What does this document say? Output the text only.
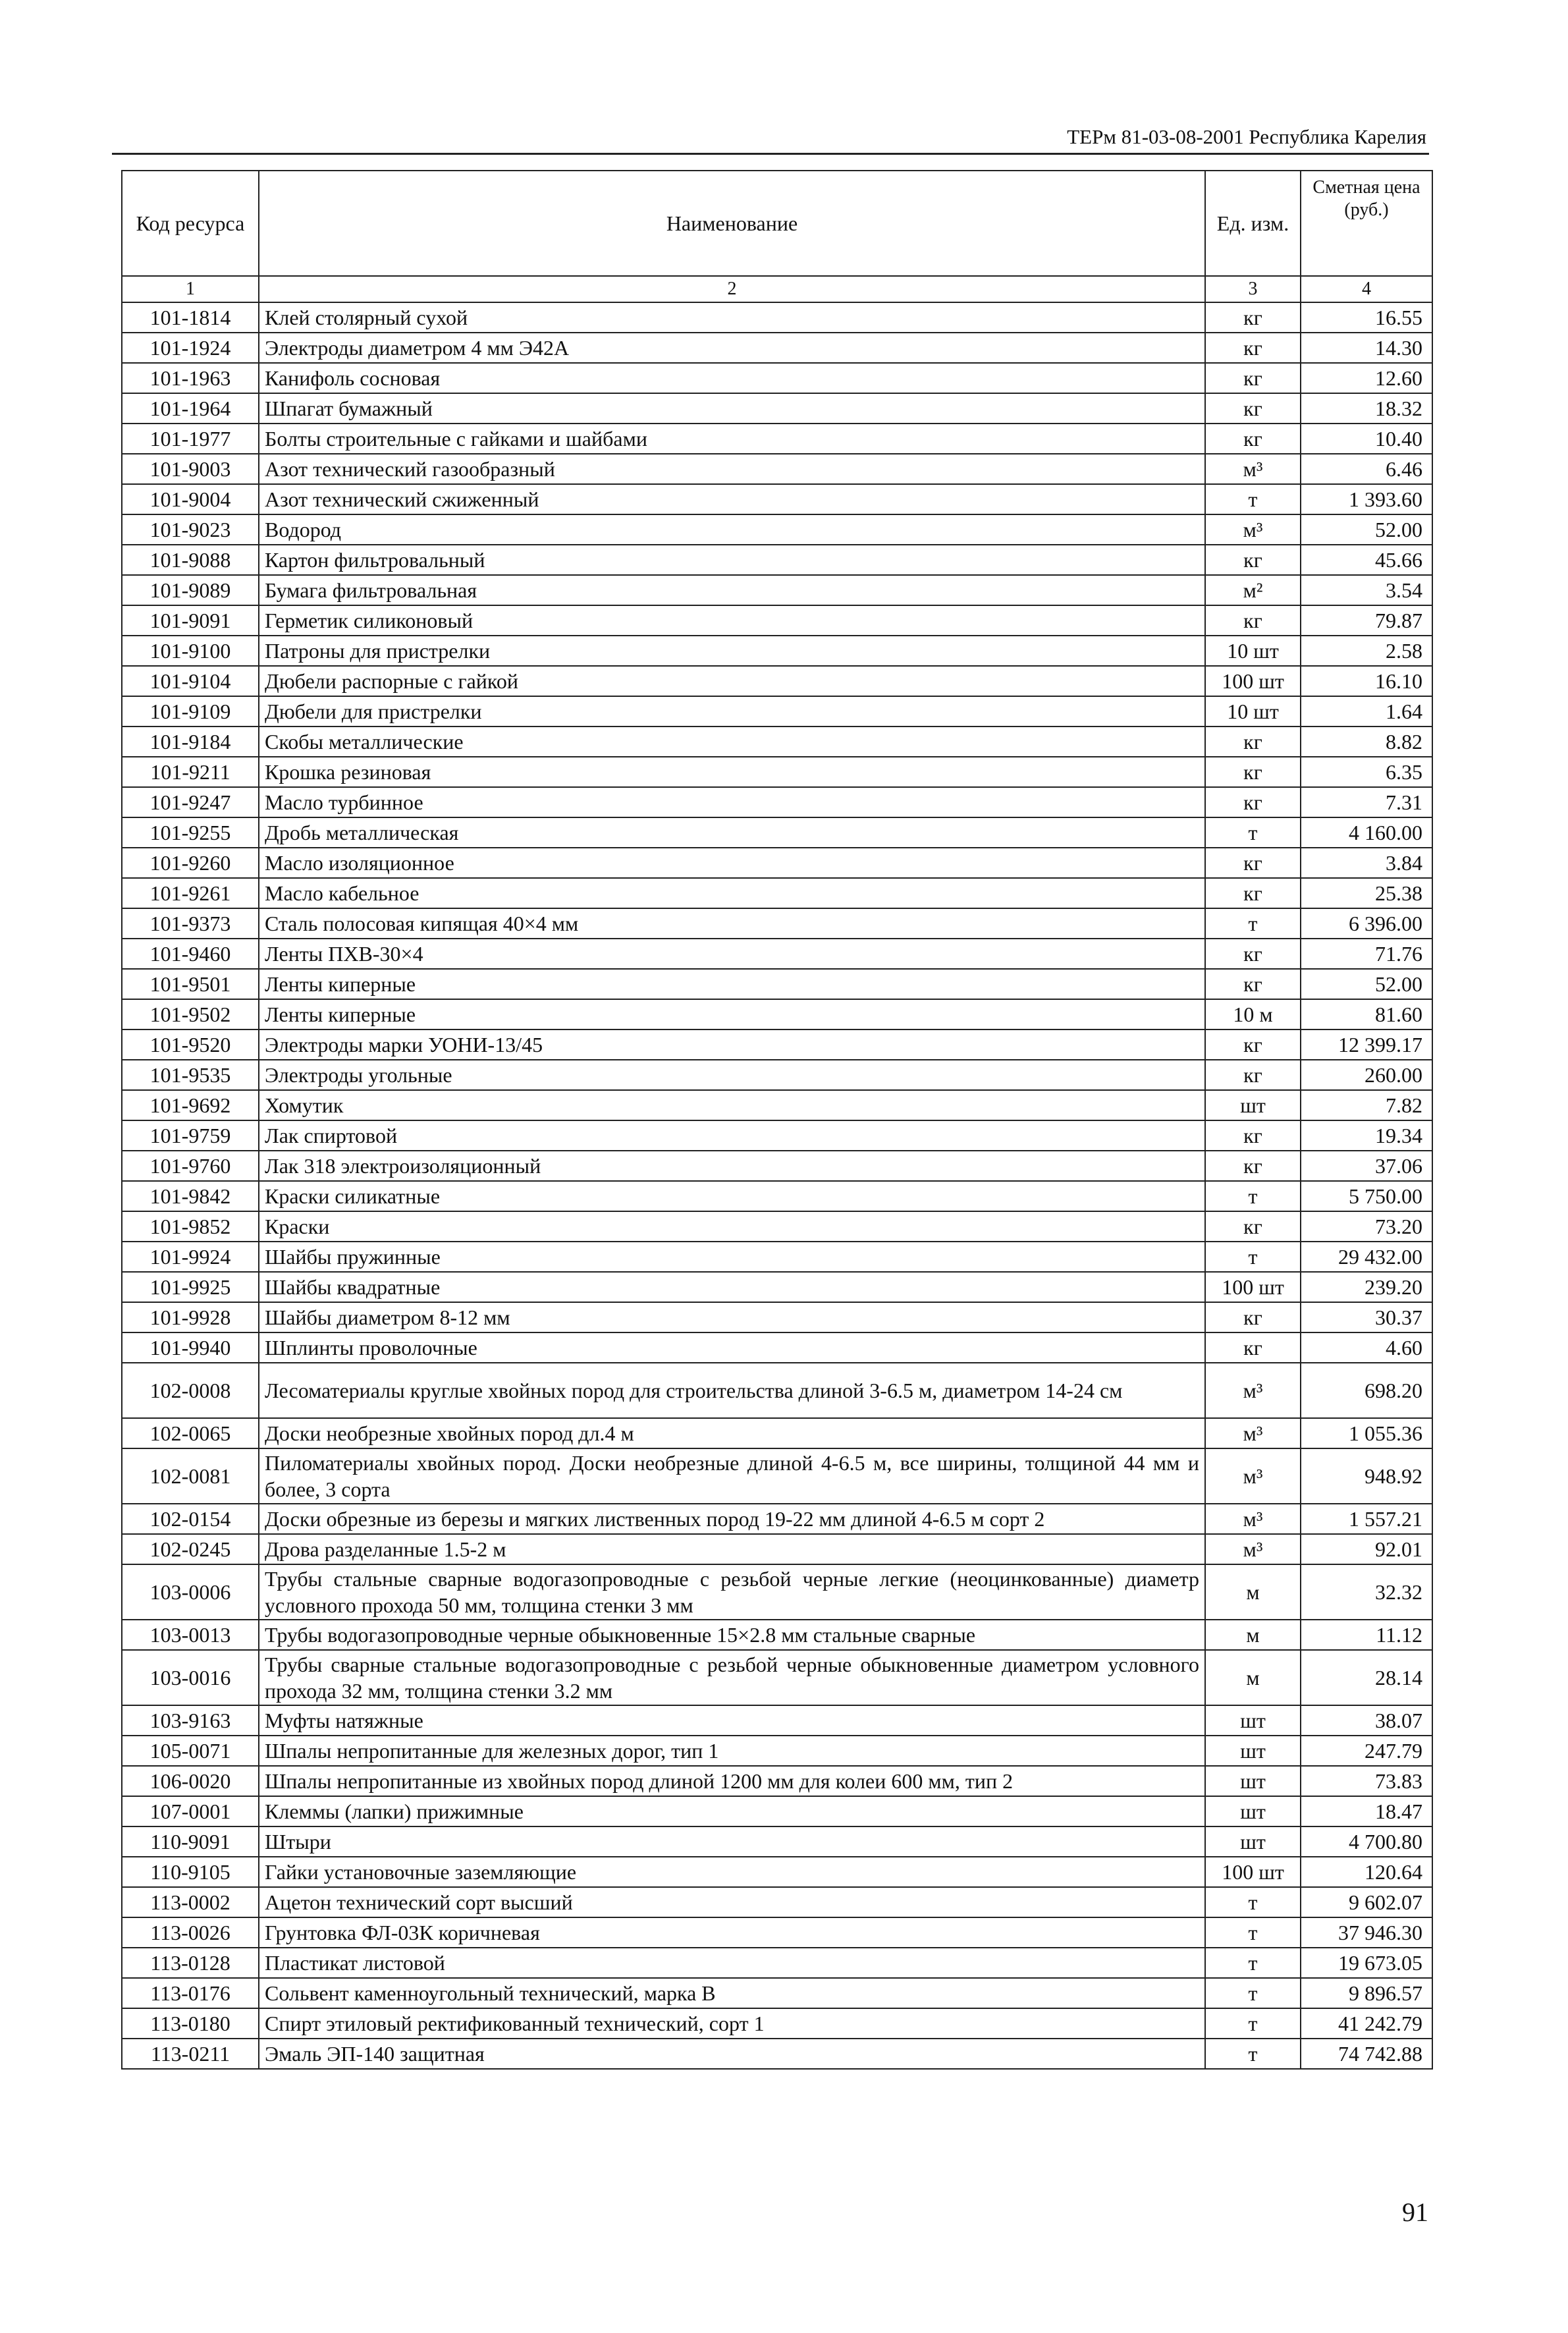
ТЕРм 81-03-08-2001 Республика Карелия
Код ресурса	Наименование	Ед. изм.	Сметная цена (руб.)
1	2	3	4
101-1814	Клей столярный сухой	кг	16.55
101-1924	Электроды диаметром 4 мм Э42А	кг	14.30
101-1963	Канифоль сосновая	кг	12.60
101-1964	Шпагат бумажный	кг	18.32
101-1977	Болты строительные с гайками и шайбами	кг	10.40
101-9003	Азот технический газообразный	м³	6.46
101-9004	Азот технический сжиженный	т	1 393.60
101-9023	Водород	м³	52.00
101-9088	Картон фильтровальный	кг	45.66
101-9089	Бумага фильтровальная	м²	3.54
101-9091	Герметик силиконовый	кг	79.87
101-9100	Патроны для пристрелки	10 шт	2.58
101-9104	Дюбели распорные с гайкой	100 шт	16.10
101-9109	Дюбели для пристрелки	10 шт	1.64
101-9184	Скобы металлические	кг	8.82
101-9211	Крошка резиновая	кг	6.35
101-9247	Масло турбинное	кг	7.31
101-9255	Дробь металлическая	т	4 160.00
101-9260	Масло изоляционное	кг	3.84
101-9261	Масло кабельное	кг	25.38
101-9373	Сталь полосовая кипящая 40×4 мм	т	6 396.00
101-9460	Ленты ПХВ-30×4	кг	71.76
101-9501	Ленты киперные	кг	52.00
101-9502	Ленты киперные	10 м	81.60
101-9520	Электроды марки УОНИ-13/45	кг	12 399.17
101-9535	Электроды угольные	кг	260.00
101-9692	Хомутик	шт	7.82
101-9759	Лак спиртовой	кг	19.34
101-9760	Лак 318 электроизоляционный	кг	37.06
101-9842	Краски силикатные	т	5 750.00
101-9852	Краски	кг	73.20
101-9924	Шайбы пружинные	т	29 432.00
101-9925	Шайбы квадратные	100 шт	239.20
101-9928	Шайбы диаметром 8-12 мм	кг	30.37
101-9940	Шплинты проволочные	кг	4.60
102-0008	Лесоматериалы круглые хвойных пород для строительства длиной 3-6.5 м, диаметром 14-24 см	м³	698.20
102-0065	Доски необрезные хвойных пород дл.4 м	м³	1 055.36
102-0081	Пиломатериалы хвойных пород. Доски необрезные длиной 4-6.5 м, все ширины, толщиной 44 мм и более, 3 сорта	м³	948.92
102-0154	Доски обрезные из березы и мягких лиственных пород 19-22 мм длиной 4-6.5 м сорт 2	м³	1 557.21
102-0245	Дрова разделанные 1.5-2 м	м³	92.01
103-0006	Трубы стальные сварные водогазопроводные с резьбой черные легкие (неоцинкованные) диаметр условного прохода 50 мм, толщина стенки 3 мм	м	32.32
103-0013	Трубы водогазопроводные черные обыкновенные 15×2.8 мм стальные сварные	м	11.12
103-0016	Трубы сварные стальные водогазопроводные с резьбой черные обыкновенные диаметром условного прохода 32 мм, толщина стенки 3.2 мм	м	28.14
103-9163	Муфты натяжные	шт	38.07
105-0071	Шпалы непропитанные для железных дорог, тип 1	шт	247.79
106-0020	Шпалы непропитанные из хвойных пород длиной 1200 мм для колеи 600 мм, тип 2	шт	73.83
107-0001	Клеммы (лапки) прижимные	шт	18.47
110-9091	Штыри	шт	4 700.80
110-9105	Гайки установочные заземляющие	100 шт	120.64
113-0002	Ацетон технический сорт высший	т	9 602.07
113-0026	Грунтовка ФЛ-03К коричневая	т	37 946.30
113-0128	Пластикат листовой	т	19 673.05
113-0176	Сольвент каменноугольный технический, марка В	т	9 896.57
113-0180	Спирт этиловый ректификованный технический, сорт 1	т	41 242.79
113-0211	Эмаль ЭП-140 защитная	т	74 742.88
91
